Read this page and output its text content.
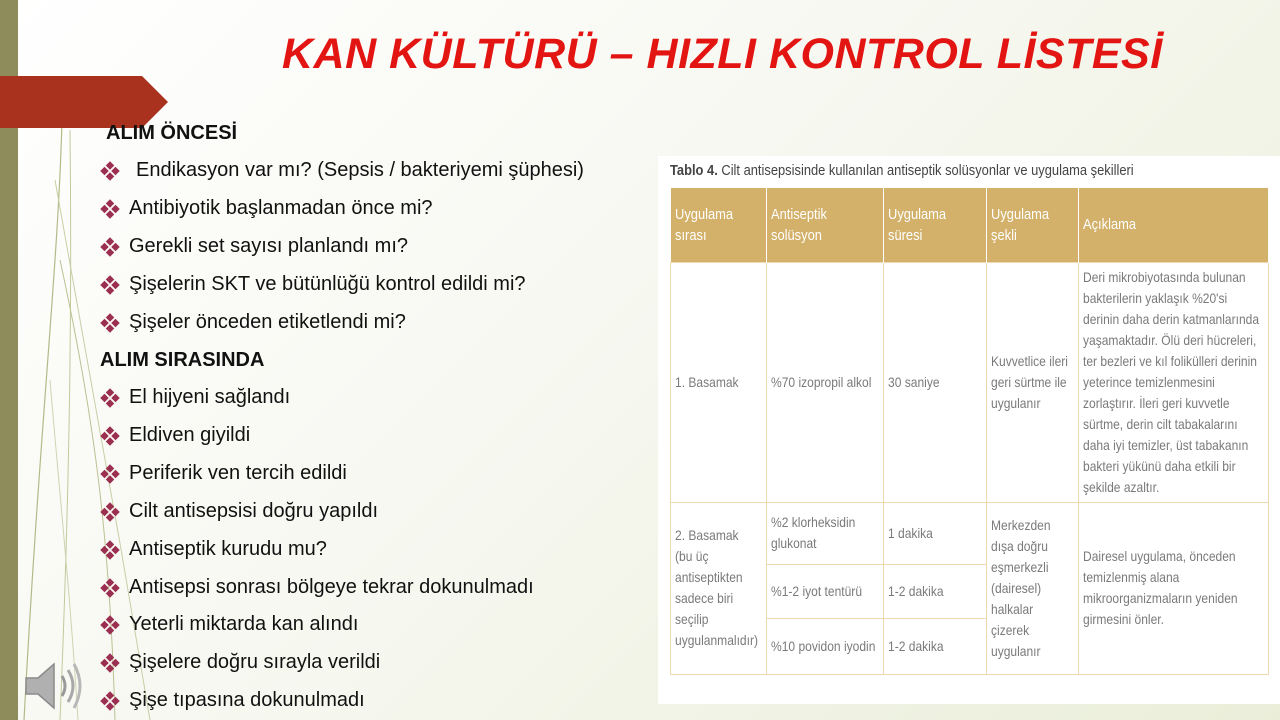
KAN KÜLTÜRÜ – HIZLI KONTROL LİSTESİ
ALIM ÖNCESİ
Endikasyon var mı? (Sepsis / bakteriyemi şüphesi)
Antibiyotik başlanmadan önce mi?
Gerekli set sayısı planlandı mı?
Şişelerin SKT ve bütünlüğü kontrol edildi mi?
Şişeler önceden etiketlendi mi?
ALIM SIRASINDA
El hijyeni sağlandı
Eldiven giyildi
Periferik ven tercih edildi
Cilt antisepsisi doğru yapıldı
Antiseptik kurudu mu?
Antisepsi sonrası bölgeye tekrar dokunulmadı
Yeterli miktarda kan alındı
Şişelere doğru sırayla verildi
Şişe tıpasına dokunulmadı
Tablo 4. Cilt antisepsisinde kullanılan antiseptik solüsyonlar ve uygulama şekilleri
Uygulama sırası	Antiseptik solüsyon	Uygulama süresi	Uygulama şekli	Açıklama
1. Basamak	%70 izopropil alkol	30 saniye	Kuvvetlice ileri geri sürtme ile uygulanır	Deri mikrobiyotasında bulunan bakterilerin yaklaşık %20'si derinin daha derin katmanlarında yaşamaktadır. Ölü deri hücreleri, ter bezleri ve kıl folikülleri derinin yeterince temizlenmesini zorlaştırır. İleri geri kuvvetle sürtme, derin cilt tabakalarını daha iyi temizler, üst tabakanın bakteri yükünü daha etkili bir şekilde azaltır.
2. Basamak
(bu üç antiseptikten sadece biri seçilip uygulanmalıdır)	%2 klorheksidin glukonat	1 dakika	Merkezden dışa doğru eşmerkezli (dairesel) halkalar çizerek uygulanır	Dairesel uygulama, önceden temizlenmiş alana mikroorganizmaların yeniden girmesini önler.
	%1-2 iyot tentürü	1-2 dakika		
	%10 povidon iyodin	1-2 dakika		
